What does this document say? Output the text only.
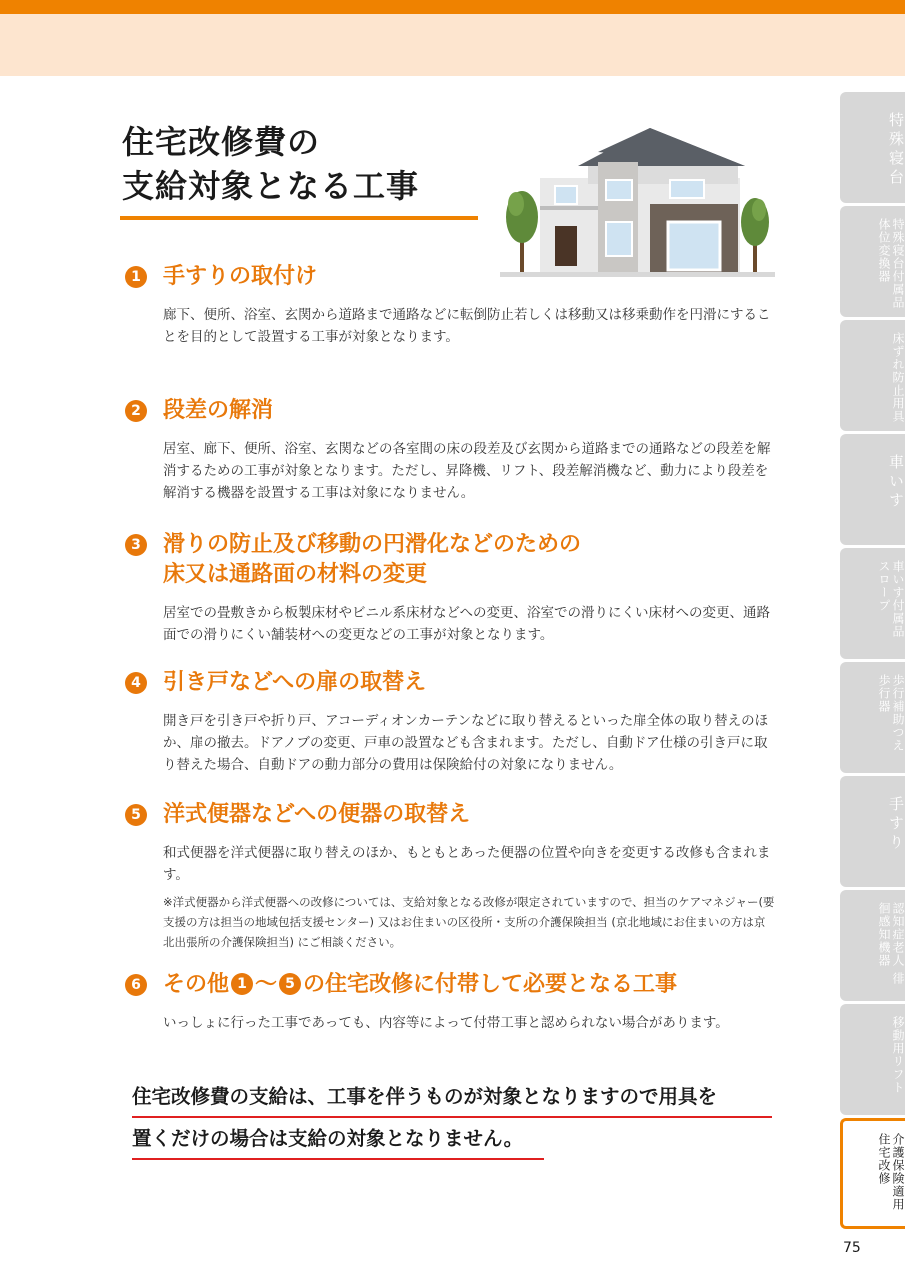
住宅改修費の
支給対象となる工事
1 手すりの取付け
廊下、便所、浴室、玄関から道路まで通路などに転倒防止若しくは移動又は移乗動作を円滑にすることを目的として設置する工事が対象となります。
2 段差の解消
居室、廊下、便所、浴室、玄関などの各室間の床の段差及び玄関から道路までの通路などの段差を解消するための工事が対象となります。ただし、昇降機、リフト、段差解消機など、動力により段差を解消する機器を設置する工事は対象になりません。
3 滑りの防止及び移動の円滑化などのための
床又は通路面の材料の変更
居室での畳敷きから板製床材やビニル系床材などへの変更、浴室での滑りにくい床材への変更、通路面での滑りにくい舗装材への変更などの工事が対象となります。
4 引き戸などへの扉の取替え
開き戸を引き戸や折り戸、アコーディオンカーテンなどに取り替えるといった扉全体の取り替えのほか、扉の撤去。ドアノブの変更、戸車の設置なども含まれます。ただし、自動ドア仕様の引き戸に取り替えた場合、自動ドアの動力部分の費用は保険給付の対象になりません。
5 洋式便器などへの便器の取替え
和式便器を洋式便器に取り替えのほか、もともとあった便器の位置や向きを変更する改修も含まれます。
※洋式便器から洋式便器への改修については、支給対象となる改修が限定されていますので、担当のケアマネジャー(要支援の方は担当の地域包括支援センター) 又はお住まいの区役所・支所の介護保険担当 (京北地域にお住まいの方は京北出張所の介護保険担当) にご相談ください。
6 その他 1 ～ 5 の住宅改修に付帯して必要となる工事
いっしょに行った工事であっても、内容等によって付帯工事と認められない場合があります。
住宅改修費の支給は、工事を伴うものが対象となりますので用具を
置くだけの場合は支給の対象となりません。
特殊寝台
特殊寝台付属品 体位変換器
床ずれ防止用具
車いす
車いす付属品 スロープ
歩行補助つえ 歩行器
手すり
認知症老人 徘徊感知機器
移動用リフト
介護保険適用 住宅改修
75
